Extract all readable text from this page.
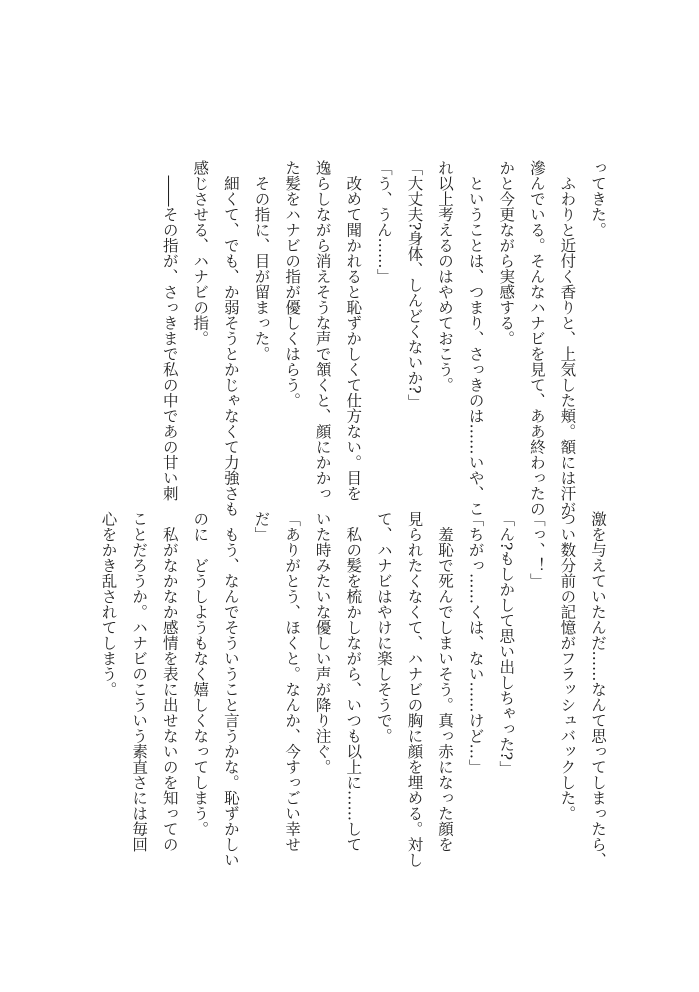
ってきた。
　ふわりと近付く香りと、上気した頬。額には汗が
滲んでいる。そんなハナビを見て、ああ終わったの
かと今更ながら実感する。
　ということは、つまり、さっきのは……いや、こ
れ以上考えるのはやめておこう。
「大丈夫?身体、しんどくないか?」
「う、うん……」
　改めて聞かれると恥ずかしくて仕方ない。目を
逸らしながら消えそうな声で頷くと、顔にかかっ
た髪をハナビの指が優しくはらう。
　その指に、目が留まった。
　細くて、でも、か弱そうとかじゃなくて力強さも
感じさせる、ハナビの指。
　――その指が、さっきまで私の中であの甘い刺
激を与えていたんだ……なんて思ってしまったら、
つい数分前の記憶がフラッシュバックした。
「っ、！」
「ん?もしかして思い出しちゃった?」
「ちがっ……くは、ない……けど…」
　羞恥で死んでしまいそう。真っ赤になった顔を
見られたくなくて、ハナビの胸に顔を埋める。対し
て、ハナビはやけに楽しそうで。
　私の髪を梳かしながら、いつも以上に……して
いた時みたいな優しい声が降り注ぐ。
「ありがとう、ほくと。なんか、今すっごい幸せ
だ」
　もう、なんでそういうこと言うかな。恥ずかしい
のに　どうしようもなく嬉しくなってしまう。
　私がなかなか感情を表に出せないのを知っての
ことだろうか。ハナビのこういう素直さには毎回
心をかき乱されてしまう。
